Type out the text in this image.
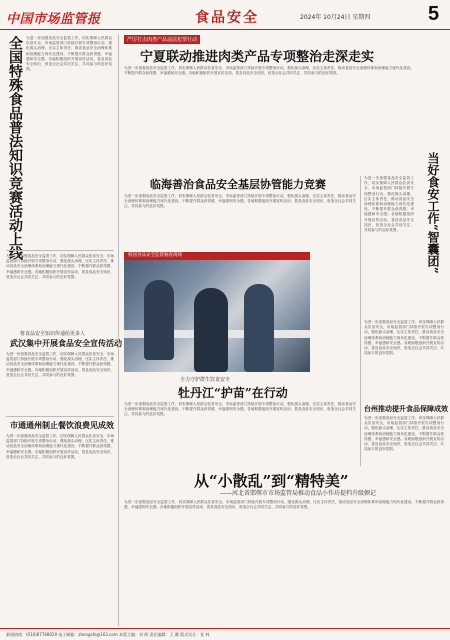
中国市场监管报	食品安全	2024年 10月24日 星期四	5
全国特殊食品普法知识竞赛活动上线 为进一步加强食品安全监管工作，切实保障人民群众饮食安全，市场监管部门持续开展专项整治行动，强化源头治理，压实主体责任，推动食品安全治理体系和治理能力现代化建设，不断提升群众获得感、幸福感和安全感。各地积极组织开展宣传活动，普及食品安全知识，营造全社会共同关注、共同参与的良好氛围。
为进一步加强食品安全监管工作，切实保障人民群众饮食安全，市场监管部门持续开展专项整治行动，强化源头治理，压实主体责任，推动食品安全治理体系和治理能力现代化建设，不断提升群众获得感、幸福感和安全感。各地积极组织开展宣传活动，普及食品安全知识，营造全社会共同关注、共同参与的良好氛围。
将食品安全知识传递给更多人
武汉集中开展食品安全宣传活动
为进一步加强食品安全监管工作，切实保障人民群众饮食安全，市场监管部门持续开展专项整治行动，强化源头治理，压实主体责任，推动食品安全治理体系和治理能力现代化建设，不断提升群众获得感、幸福感和安全感。各地积极组织开展宣传活动，普及食品安全知识，营造全社会共同关注、共同参与的良好氛围。
市通通州制止餐饮浪费见成效
为进一步加强食品安全监管工作，切实保障人民群众饮食安全，市场监管部门持续开展专项整治行动，强化源头治理，压实主体责任，推动食品安全治理体系和治理能力现代化建设，不断提升群众获得感、幸福感和安全感。各地积极组织开展宣传活动，普及食品安全知识，营造全社会共同关注、共同参与的良好氛围。
严厉打击肉类产品违法犯罪行动
宁夏联动推进肉类产品专项整治走深走实
为进一步加强食品安全监管工作，切实保障人民群众饮食安全，市场监管部门持续开展专项整治行动，强化源头治理，压实主体责任，推动食品安全治理体系和治理能力现代化建设，不断提升群众获得感、幸福感和安全感。各地积极组织开展宣传活动，普及食品安全知识，营造全社会共同关注、共同参与的良好氛围。
临海善治食品安全基层协管能力竞赛
为进一步加强食品安全监管工作，切实保障人民群众饮食安全，市场监管部门持续开展专项整治行动，强化源头治理，压实主体责任，推动食品安全治理体系和治理能力现代化建设，不断提升群众获得感、幸福感和安全感。各地积极组织开展宣传活动，普及食品安全知识，营造全社会共同关注、共同参与的良好氛围。
校园食品安全监督抽查现场
全力守护群生饮食安全
牡丹江“护苗”在行动
为进一步加强食品安全监管工作，切实保障人民群众饮食安全，市场监管部门持续开展专项整治行动，强化源头治理，压实主体责任，推动食品安全治理体系和治理能力现代化建设，不断提升群众获得感、幸福感和安全感。各地积极组织开展宣传活动，普及食品安全知识，营造全社会共同关注、共同参与的良好氛围。
从“小散乱”到“精特美”
——河北省邯郸市市场监管局推动食品小作坊提档升级侧记
为进一步加强食品安全监管工作，切实保障人民群众饮食安全，市场监管部门持续开展专项整治行动，强化源头治理，压实主体责任，推动食品安全治理体系和治理能力现代化建设，不断提升群众获得感、幸福感和安全感。各地积极组织开展宣传活动，普及食品安全知识，营造全社会共同关注、共同参与的良好氛围。
为进一步加强食品安全监管工作，切实保障人民群众饮食安全，市场监管部门持续开展专项整治行动，强化源头治理，压实主体责任，推动食品安全治理体系和治理能力现代化建设，不断提升群众获得感、幸福感和安全感。各地积极组织开展宣传活动，普及食品安全知识，营造全社会共同关注、共同参与的良好氛围。	当好食安工作“智囊团”
为进一步加强食品安全监管工作，切实保障人民群众饮食安全，市场监管部门持续开展专项整治行动，强化源头治理，压实主体责任，推动食品安全治理体系和治理能力现代化建设，不断提升群众获得感、幸福感和安全感。各地积极组织开展宣传活动，普及食品安全知识，营造全社会共同关注、共同参与的良好氛围。
台州推动提升食品保障成效
为进一步加强食品安全监管工作，切实保障人民群众饮食安全，市场监管部门持续开展专项整治行动，强化源头治理，压实主体责任，推动食品安全治理体系和治理能力现代化建设，不断提升群众获得感、幸福感和安全感。各地积极组织开展宣传活动，普及食品安全知识，营造全社会共同关注、共同参与的良好氛围。
新闻热线：(010)67768020 电子邮箱：zhongshi@163.com 本版主编：刘 辉 责任编辑：王 璐 版式设计：张 林
